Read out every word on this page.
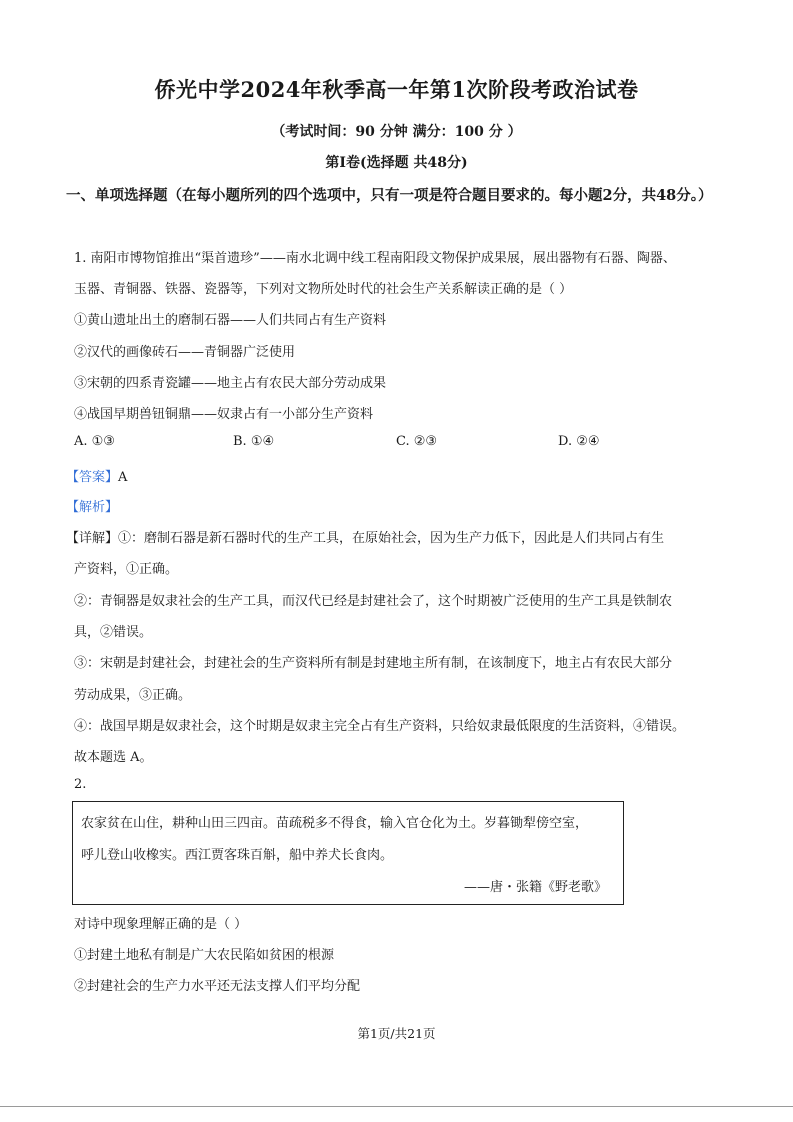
侨光中学2024年秋季高一年第1次阶段考政治试卷
（考试时间：90 分钟 满分：100 分 ）
第Ⅰ卷(选择题 共48分)
一、单项选择题（在每小题所列的四个选项中，只有一项是符合题目要求的。每小题2分，共48分。）
1. 南阳市博物馆推出“渠首遗珍”——南水北调中线工程南阳段文物保护成果展，展出器物有石器、陶器、
玉器、青铜器、铁器、瓷器等，下列对文物所处时代的社会生产关系解读正确的是（ ）
①黄山遗址出土的磨制石器——人们共同占有生产资料
②汉代的画像砖石——青铜器广泛使用
③宋朝的四系青瓷罐——地主占有农民大部分劳动成果
④战国早期兽钮铜鼎——奴隶占有一小部分生产资料
A. ①③	B. ①④	C. ②③	D. ②④
【答案】A
【解析】
【详解】①：磨制石器是新石器时代的生产工具，在原始社会，因为生产力低下，因此是人们共同占有生
产资料，①正确。
②：青铜器是奴隶社会的生产工具，而汉代已经是封建社会了，这个时期被广泛使用的生产工具是铁制农
具，②错误。
③：宋朝是封建社会，封建社会的生产资料所有制是封建地主所有制，在该制度下，地主占有农民大部分
劳动成果，③正确。
④：战国早期是奴隶社会，这个时期是奴隶主完全占有生产资料，只给奴隶最低限度的生活资料，④错误。
故本题选 A。
2.
农家贫在山住，耕种山田三四亩。苗疏税多不得食，输入官仓化为土。岁暮锄犁傍空室，
呼儿登山收橡实。西江贾客珠百斛，船中养犬长食肉。
——唐・张籍《野老歌》
对诗中现象理解正确的是（ ）
①封建土地私有制是广大农民陷如贫困的根源
②封建社会的生产力水平还无法支撑人们平均分配
第1页/共21页
